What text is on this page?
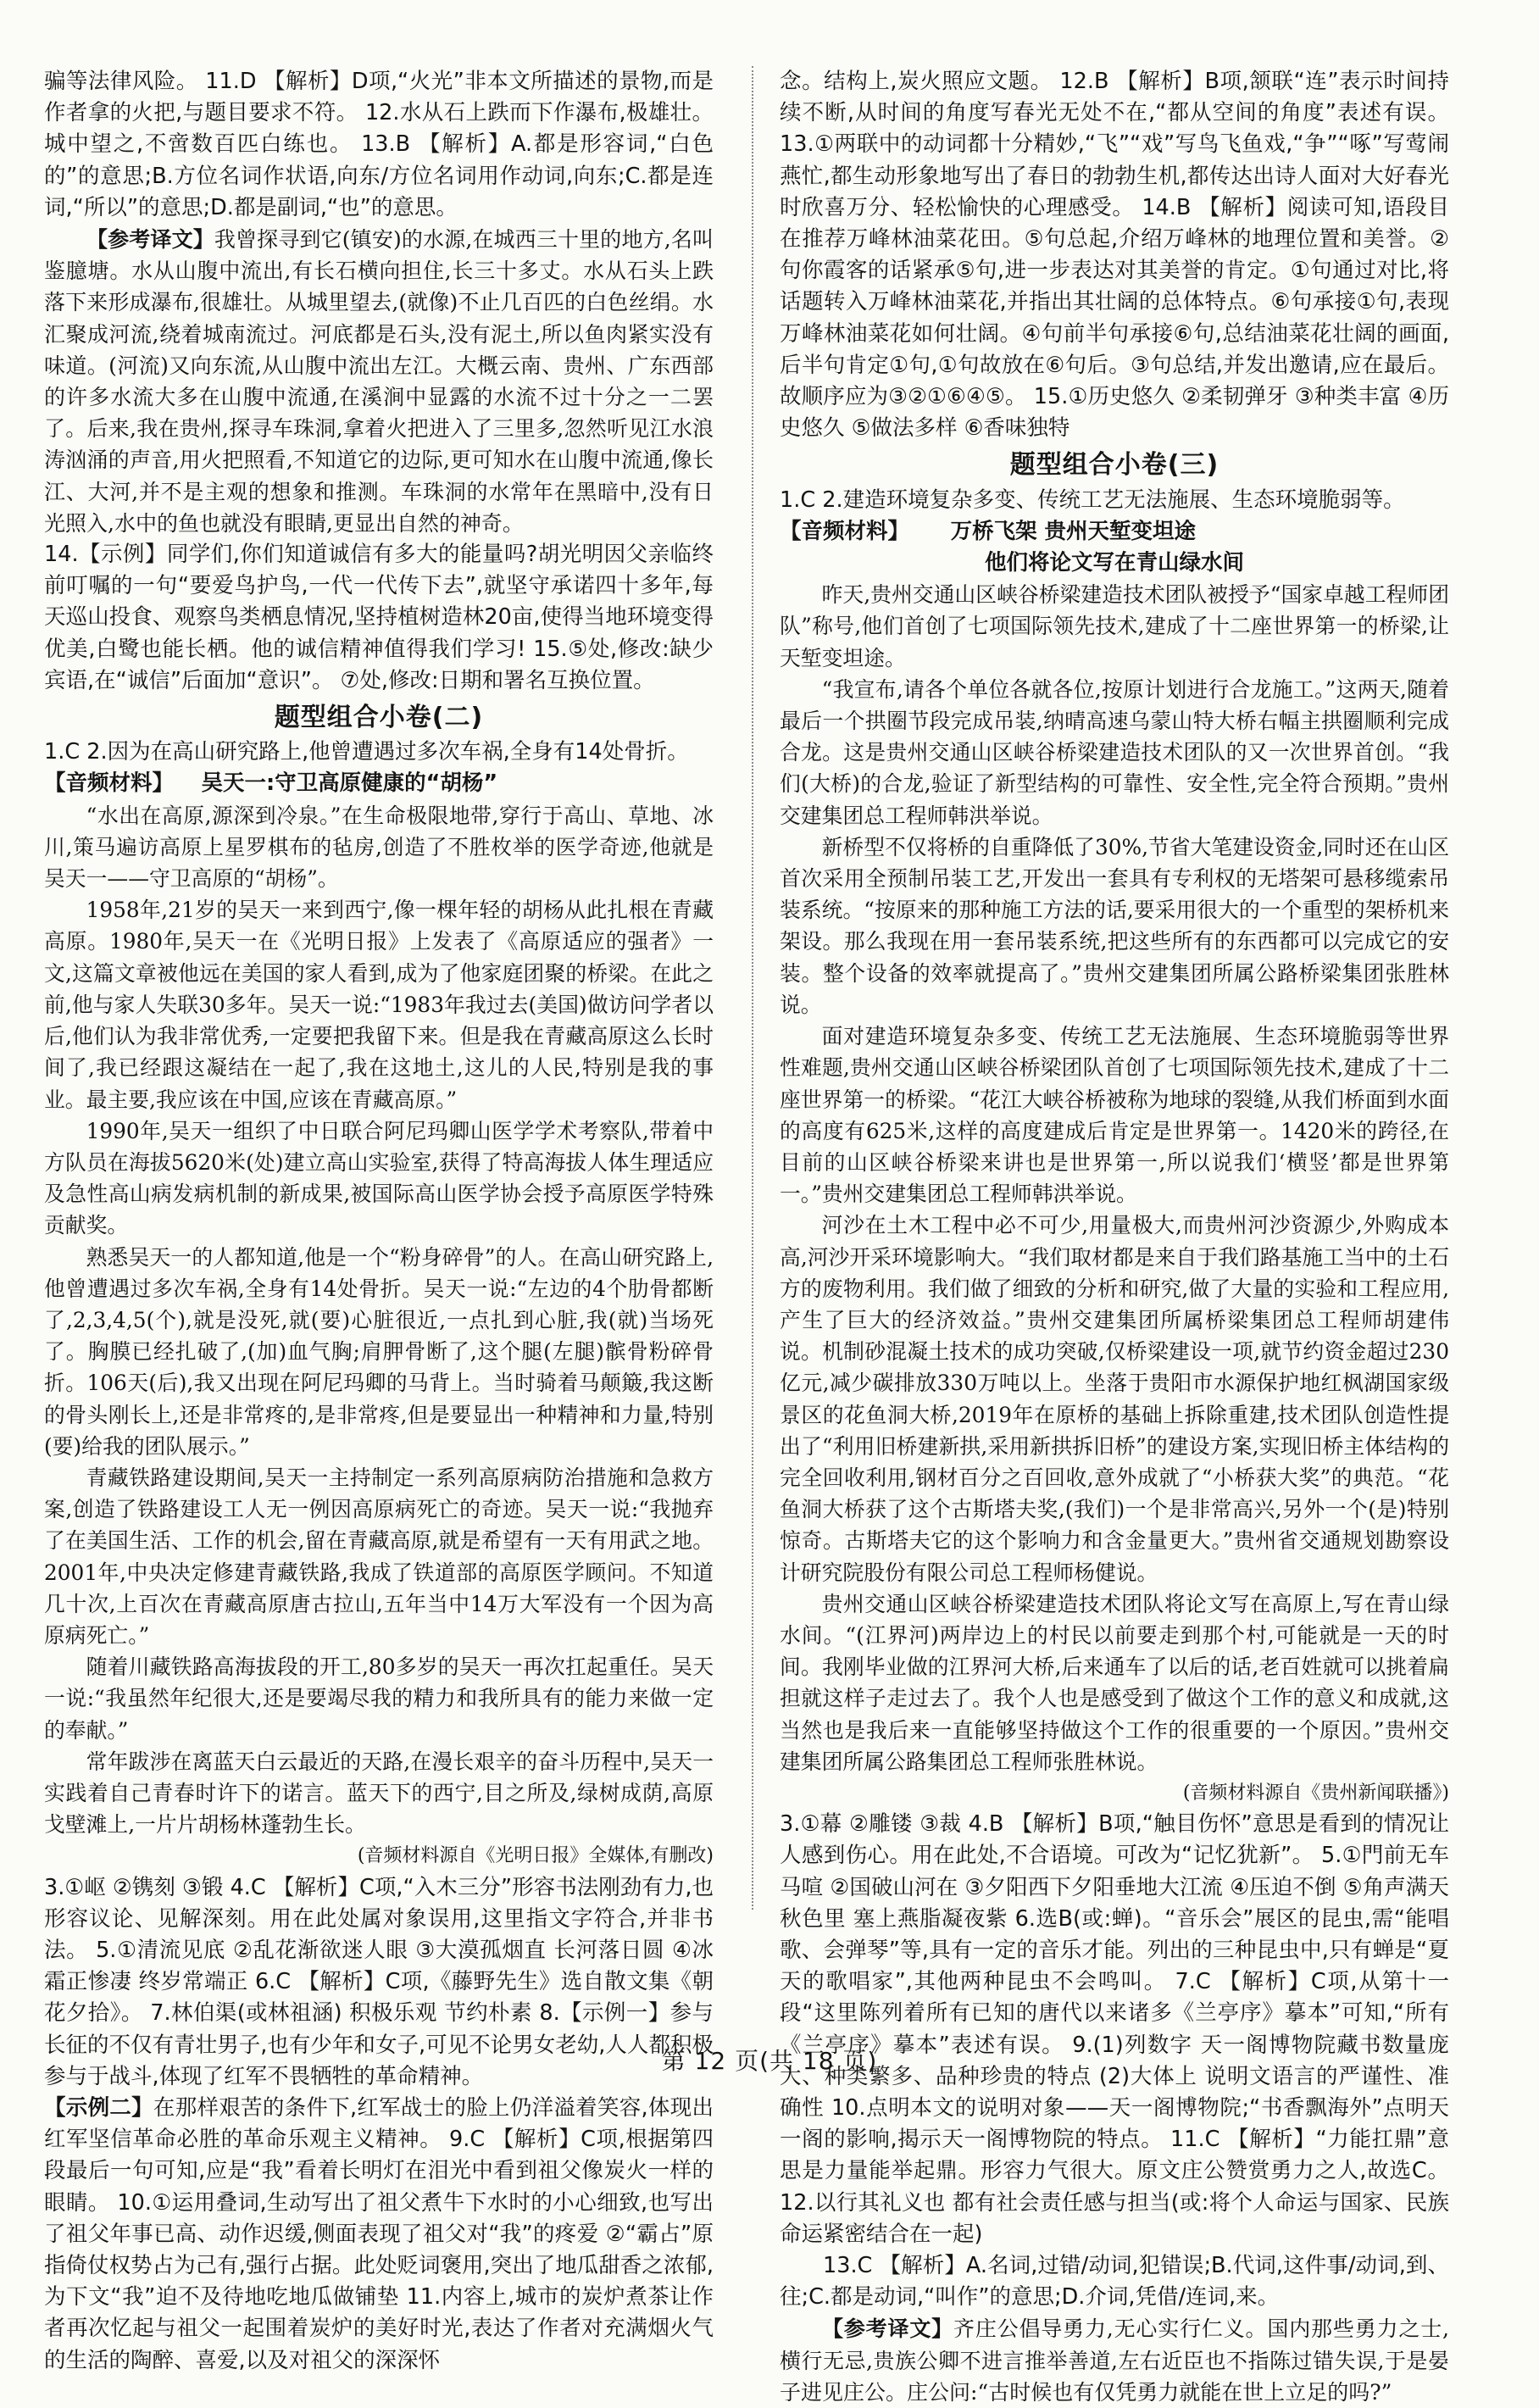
骗等法律风险。 11.D 【解析】D项,“火光”非本文所描述的景物,而是作者拿的火把,与题目要求不符。 12.水从石上跌而下作瀑布,极雄壮。城中望之,不啻数百匹白练也。 13.B 【解析】A.都是形容词,“白色的”的意思;B.方位名词作状语,向东/方位名词用作动词,向东;C.都是连词,“所以”的意思;D.都是副词,“也”的意思。

【参考译文】我曾探寻到它(镇安)的水源,在城西三十里的地方,名叫鉴臆塘。水从山腹中流出,有长石横向担住,长三十多丈。水从石头上跌落下来形成瀑布,很雄壮。从城里望去,(就像)不止几百匹的白色丝绢。水汇聚成河流,绕着城南流过。河底都是石头,没有泥土,所以鱼肉紧实没有味道。(河流)又向东流,从山腹中流出左江。大概云南、贵州、广东西部的许多水流大多在山腹中流通,在溪涧中显露的水流不过十分之一二罢了。后来,我在贵州,探寻车珠洞,拿着火把进入了三里多,忽然听见江水浪涛汹涌的声音,用火把照看,不知道它的边际,更可知水在山腹中流通,像长江、大河,并不是主观的想象和推测。车珠洞的水常年在黑暗中,没有日光照入,水中的鱼也就没有眼睛,更显出自然的神奇。

14.【示例】同学们,你们知道诚信有多大的能量吗?胡光明因父亲临终前叮嘱的一句“要爱鸟护鸟,一代一代传下去”,就坚守承诺四十多年,每天巡山投食、观察鸟类栖息情况,坚持植树造林20亩,使得当地环境变得优美,白鹭也能长栖。他的诚信精神值得我们学习! 15.⑤处,修改:缺少宾语,在“诚信”后面加“意识”。 ⑦处,修改:日期和署名互换位置。

题型组合小卷(二)

1.C 2.因为在高山研究路上,他曾遭遇过多次车祸,全身有14处骨折。

【音频材料】 吴天一:守卫高原健康的“胡杨”

“水出在高原,源深到冷泉。”在生命极限地带,穿行于高山、草地、冰川,策马遍访高原上星罗棋布的毡房,创造了不胜枚举的医学奇迹,他就是吴天一——守卫高原的“胡杨”。

1958年,21岁的吴天一来到西宁,像一棵年轻的胡杨从此扎根在青藏高原。1980年,吴天一在《光明日报》上发表了《高原适应的强者》一文,这篇文章被他远在美国的家人看到,成为了他家庭团聚的桥梁。在此之前,他与家人失联30多年。吴天一说:“1983年我过去(美国)做访问学者以后,他们认为我非常优秀,一定要把我留下来。但是我在青藏高原这么长时间了,我已经跟这凝结在一起了,我在这地土,这儿的人民,特别是我的事业。最主要,我应该在中国,应该在青藏高原。”

1990年,吴天一组织了中日联合阿尼玛卿山医学学术考察队,带着中方队员在海拔5620米(处)建立高山实验室,获得了特高海拔人体生理适应及急性高山病发病机制的新成果,被国际高山医学协会授予高原医学特殊贡献奖。

熟悉吴天一的人都知道,他是一个“粉身碎骨”的人。在高山研究路上,他曾遭遇过多次车祸,全身有14处骨折。吴天一说:“左边的4个肋骨都断了,2,3,4,5(个),就是没死,就(要)心脏很近,一点扎到心脏,我(就)当场死了。胸膜已经扎破了,(加)血气胸;肩胛骨断了,这个腿(左腿)髌骨粉碎骨折。106天(后),我又出现在阿尼玛卿的马背上。当时骑着马颠簸,我这断的骨头刚长上,还是非常疼的,是非常疼,但是要显出一种精神和力量,特别(要)给我的团队展示。”

青藏铁路建设期间,吴天一主持制定一系列高原病防治措施和急救方案,创造了铁路建设工人无一例因高原病死亡的奇迹。吴天一说:“我抛弃了在美国生活、工作的机会,留在青藏高原,就是希望有一天有用武之地。2001年,中央决定修建青藏铁路,我成了铁道部的高原医学顾问。不知道几十次,上百次在青藏高原唐古拉山,五年当中14万大军没有一个因为高原病死亡。”

随着川藏铁路高海拔段的开工,80多岁的吴天一再次扛起重任。吴天一说:“我虽然年纪很大,还是要竭尽我的精力和我所具有的能力来做一定的奉献。”

常年跋涉在离蓝天白云最近的天路,在漫长艰辛的奋斗历程中,吴天一实践着自己青春时许下的诺言。蓝天下的西宁,目之所及,绿树成荫,高原戈壁滩上,一片片胡杨林蓬勃生长。

(音频材料源自《光明日报》全媒体,有删改)

3.①岖 ②镌刻 ③锻 4.C 【解析】C项,“入木三分”形容书法刚劲有力,也形容议论、见解深刻。用在此处属对象误用,这里指文字符合,并非书法。 5.①清流见底 ②乱花渐欲迷人眼 ③大漠孤烟直 长河落日圆 ④冰霜正惨凄 终岁常端正 6.C 【解析】C项,《藤野先生》选自散文集《朝花夕拾》。 7.林伯渠(或林祖涵) 积极乐观 节约朴素 8.【示例一】参与长征的不仅有青壮男子,也有少年和女子,可见不论男女老幼,人人都积极参与于战斗,体现了红军不畏牺牲的革命精神。

【示例二】在那样艰苦的条件下,红军战士的脸上仍洋溢着笑容,体现出红军坚信革命必胜的革命乐观主义精神。 9.C 【解析】C项,根据第四段最后一句可知,应是“我”看着长明灯在泪光中看到祖父像炭火一样的眼睛。 10.①运用叠词,生动写出了祖父煮牛下水时的小心细致,也写出了祖父年事已高、动作迟缓,侧面表现了祖父对“我”的疼爱 ②“霸占”原指倚仗权势占为己有,强行占据。此处贬词褒用,突出了地瓜甜香之浓郁,为下文“我”迫不及待地吃地瓜做铺垫 11.内容上,城市的炭炉煮茶让作者再次忆起与祖父一起围着炭炉的美好时光,表达了作者对充满烟火气的生活的陶醉、喜爱,以及对祖父的深深怀

念。结构上,炭火照应文题。 12.B 【解析】B项,颔联“连”表示时间持续不断,从时间的角度写春光无处不在,“都从空间的角度”表述有误。 13.①两联中的动词都十分精妙,“飞”“戏”写鸟飞鱼戏,“争”“啄”写莺闹燕忙,都生动形象地写出了春日的勃勃生机,都传达出诗人面对大好春光时欣喜万分、轻松愉快的心理感受。 14.B 【解析】阅读可知,语段目在推荐万峰林油菜花田。⑤句总起,介绍万峰林的地理位置和美誉。②句你霞客的话紧承⑤句,进一步表达对其美誉的肯定。①句通过对比,将话题转入万峰林油菜花,并指出其壮阔的总体特点。⑥句承接①句,表现万峰林油菜花如何壮阔。④句前半句承接⑥句,总结油菜花壮阔的画面,后半句肯定①句,①句故放在⑥句后。③句总结,并发出邀请,应在最后。故顺序应为③②①⑥④⑤。 15.①历史悠久 ②柔韧弹牙 ③种类丰富 ④历史悠久 ⑤做法多样 ⑥香味独特

题型组合小卷(三)

1.C 2.建造环境复杂多变、传统工艺无法施展、生态环境脆弱等。

【音频材料】 万桥飞架 贵州天堑变坦途

他们将论文写在青山绿水间

昨天,贵州交通山区峡谷桥梁建造技术团队被授予“国家卓越工程师团队”称号,他们首创了七项国际领先技术,建成了十二座世界第一的桥梁,让天堑变坦途。

“我宣布,请各个单位各就各位,按原计划进行合龙施工。”这两天,随着最后一个拱圈节段完成吊装,纳晴高速乌蒙山特大桥右幅主拱圈顺利完成合龙。这是贵州交通山区峡谷桥梁建造技术团队的又一次世界首创。“我们(大桥)的合龙,验证了新型结构的可靠性、安全性,完全符合预期。”贵州交建集团总工程师韩洪举说。

新桥型不仅将桥的自重降低了30%,节省大笔建设资金,同时还在山区首次采用全预制吊装工艺,开发出一套具有专利权的无塔架可悬移缆索吊装系统。“按原来的那种施工方法的话,要采用很大的一个重型的架桥机来架设。那么我现在用一套吊装系统,把这些所有的东西都可以完成它的安装。整个设备的效率就提高了。”贵州交建集团所属公路桥梁集团张胜林说。

面对建造环境复杂多变、传统工艺无法施展、生态环境脆弱等世界性难题,贵州交通山区峡谷桥梁团队首创了七项国际领先技术,建成了十二座世界第一的桥梁。“花江大峡谷桥被称为地球的裂缝,从我们桥面到水面的高度有625米,这样的高度建成后肯定是世界第一。1420米的跨径,在目前的山区峡谷桥梁来讲也是世界第一,所以说我们‘横竖’都是世界第一。”贵州交建集团总工程师韩洪举说。

河沙在土木工程中必不可少,用量极大,而贵州河沙资源少,外购成本高,河沙开采环境影响大。“我们取材都是来自于我们路基施工当中的土石方的废物利用。我们做了细致的分析和研究,做了大量的实验和工程应用,产生了巨大的经济效益。”贵州交建集团所属桥梁集团总工程师胡建伟说。机制砂混凝土技术的成功突破,仅桥梁建设一项,就节约资金超过230亿元,减少碳排放330万吨以上。坐落于贵阳市水源保护地红枫湖国家级景区的花鱼洞大桥,2019年在原桥的基础上拆除重建,技术团队创造性提出了“利用旧桥建新拱,采用新拱拆旧桥”的建设方案,实现旧桥主体结构的完全回收利用,钢材百分之百回收,意外成就了“小桥获大奖”的典范。“花鱼洞大桥获了这个古斯塔夫奖,(我们)一个是非常高兴,另外一个(是)特别惊奇。古斯塔夫它的这个影响力和含金量更大。”贵州省交通规划勘察设计研究院股份有限公司总工程师杨健说。

贵州交通山区峡谷桥梁建造技术团队将论文写在高原上,写在青山绿水间。“(江界河)两岸边上的村民以前要走到那个村,可能就是一天的时间。我刚毕业做的江界河大桥,后来通车了以后的话,老百姓就可以挑着扁担就这样子走过去了。我个人也是感受到了做这个工作的意义和成就,这当然也是我后来一直能够坚持做这个工作的很重要的一个原因。”贵州交建集团所属公路集团总工程师张胜林说。

(音频材料源自《贵州新闻联播》)

3.①幕 ②雕镂 ③裁 4.B 【解析】B项,“触目伤怀”意思是看到的情况让人感到伤心。用在此处,不合语境。可改为“记忆犹新”。 5.①門前无车马喧 ②国破山河在 ③夕阳西下夕阳垂地大江流 ④压迫不倒 ⑤角声满天秋色里 塞上燕脂凝夜紫 6.选B(或:蝉)。“音乐会”展区的昆虫,需“能唱歌、会弹琴”等,具有一定的音乐才能。列出的三种昆虫中,只有蝉是“夏天的歌唱家”,其他两种昆虫不会鸣叫。 7.C 【解析】C项,从第十一段“这里陈列着所有已知的唐代以来诸多《兰亭序》摹本”可知,“所有《兰亭序》摹本”表述有误。 9.(1)列数字 天一阁博物院藏书数量庞大、种类繁多、品种珍贵的特点 (2)大体上 说明文语言的严谨性、准确性 10.点明本文的说明对象——天一阁博物院;“书香飘海外”点明天一阁的影响,揭示天一阁博物院的特点。 11.C 【解析】“力能扛鼎”意思是力量能举起鼎。形容力气很大。原文庄公赞赏勇力之人,故选C。 12.以行其礼义也 都有社会责任感与担当(或:将个人命运与国家、民族命运紧密结合在一起)

13.C 【解析】A.名词,过错/动词,犯错误;B.代词,这件事/动词,到、往;C.都是动词,“叫作”的意思;D.介词,凭借/连词,来。

【参考译文】齐庄公倡导勇力,无心实行仁义。国内那些勇力之士,横行无忌,贵族公卿不进言推举善道,左右近臣也不指陈过错失误,于是晏子进见庄公。庄公问:“古时候也有仅凭勇力就能在世上立足的吗?”

第 12 页(共 18 页)
